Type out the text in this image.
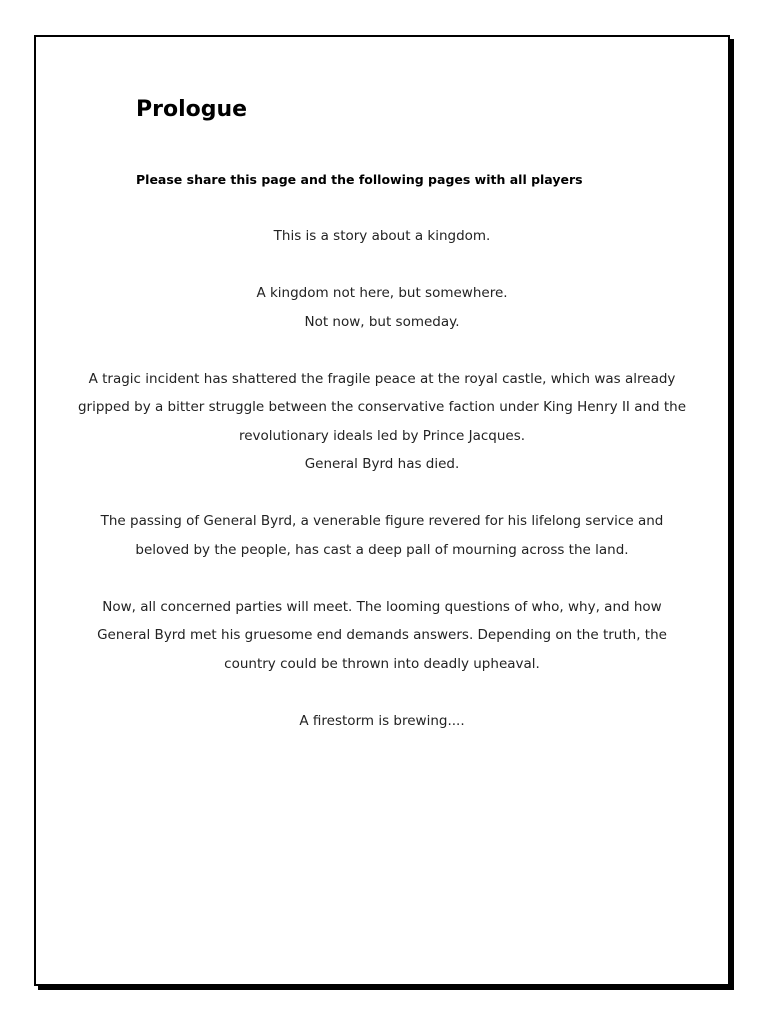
Prologue

Please share this page and the following pages with all players

This is a story about a kingdom.

A kingdom not here, but somewhere.
Not now, but someday.

A tragic incident has shattered the fragile peace at the royal castle, which was already gripped by a bitter struggle between the conservative faction under King Henry II and the revolutionary ideals led by Prince Jacques.
General Byrd has died.

The passing of General Byrd, a venerable figure revered for his lifelong service and beloved by the people, has cast a deep pall of mourning across the land.

Now, all concerned parties will meet. The looming questions of who, why, and how General Byrd met his gruesome end demands answers. Depending on the truth, the country could be thrown into deadly upheaval.

A firestorm is brewing....
